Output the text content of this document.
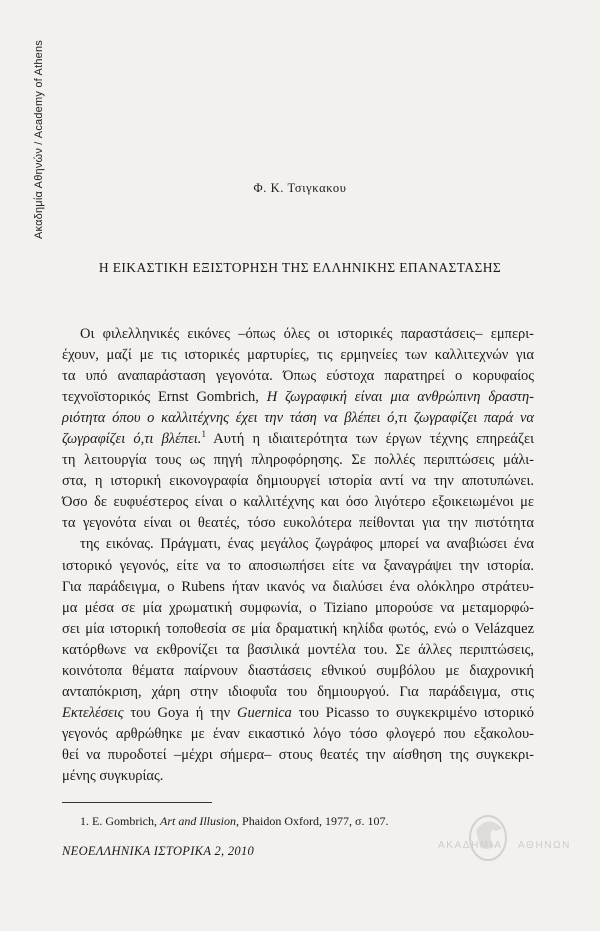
Ακαδημία Αθηνών / Academy of Athens	Φ. Κ. Τσιγκακου
Η ΕΙΚΑΣΤΙΚΗ ΕΞΙΣΤΟΡΗΣΗ ΤΗΣ ΕΛΛΗΝΙΚΗΣ ΕΠΑΝΑΣΤΑΣΗΣ

Οι φιλελληνικές εικόνες –όπως όλες οι ιστορικές παραστάσεις– εμπερι-
έχουν, μαζί με τις ιστορικές μαρτυρίες, τις ερμηνείες των καλλιτεχνών για
τα υπό αναπαράσταση γεγονότα. Όπως εύστοχα παρατηρεί ο κορυφαίος
τεχνοϊστορικός Ernst Gombrich, Η ζωγραφική είναι μια ανθρώπινη δραστη-
ριότητα όπου ο καλλιτέχνης έχει την τάση να βλέπει ό,τι ζωγραφίζει παρά να
ζωγραφίζει ό,τι βλέπει.$^1$ Αυτή η ιδιαιτερότητα των έργων τέχνης επηρεάζει
τη λειτουργία τους ως πηγή πληροφόρησης. Σε πολλές περιπτώσεις μάλι-
στα, η ιστορική εικονογραφία δημιουργεί ιστορία αντί να την αποτυπώνει.
Όσο δε ευφυέστερος είναι ο καλλιτέχνης και όσο λιγότερο εξοικειωμένοι με
τα γεγονότα είναι οι θεατές, τόσο ευκολότερα πείθονται για την πιστότητα
της εικόνας. Πράγματι, ένας μεγάλος ζωγράφος μπορεί να αναβιώσει ένα
ιστορικό γεγονός, είτε να το αποσιωπήσει είτε να ξαναγράψει την ιστορία.
Για παράδειγμα, ο Rubens ήταν ικανός να διαλύσει ένα ολόκληρο στράτευ-
μα μέσα σε μία χρωματική συμφωνία, ο Tiziano μπορούσε να μεταμορφώ-
σει μία ιστορική τοποθεσία σε μία δραματική κηλίδα φωτός, ενώ ο Velázquez
κατόρθωνε να εκθρονίζει τα βασιλικά μοντέλα του. Σε άλλες περιπτώσεις,
κοινότοπα θέματα παίρνουν διαστάσεις εθνικού συμβόλου με διαχρονική
ανταπόκριση, χάρη στην ιδιοφυΐα του δημιουργού. Για παράδειγμα, στις
Εκτελέσεις του Goya ή την Guernica του Picasso το συγκεκριμένο ιστορικό
γεγονός αρθρώθηκε με έναν εικαστικό λόγο τόσο φλογερό που εξακολου-
θεί να πυροδοτεί –μέχρι σήμερα– στους θεατές την αίσθηση της συγκεκρι-
μένης συγκυρίας.

1. E. Gombrich, Art and Illusion, Phaidon Oxford, 1977, σ. 107.
ΝΕΟΕΛΛΗΝΙΚΑ ΙΣΤΟΡΙΚΑ 2, 2010	ΑΚΑΔΗΜΙΑ ΑΘΗΝΩΝ
